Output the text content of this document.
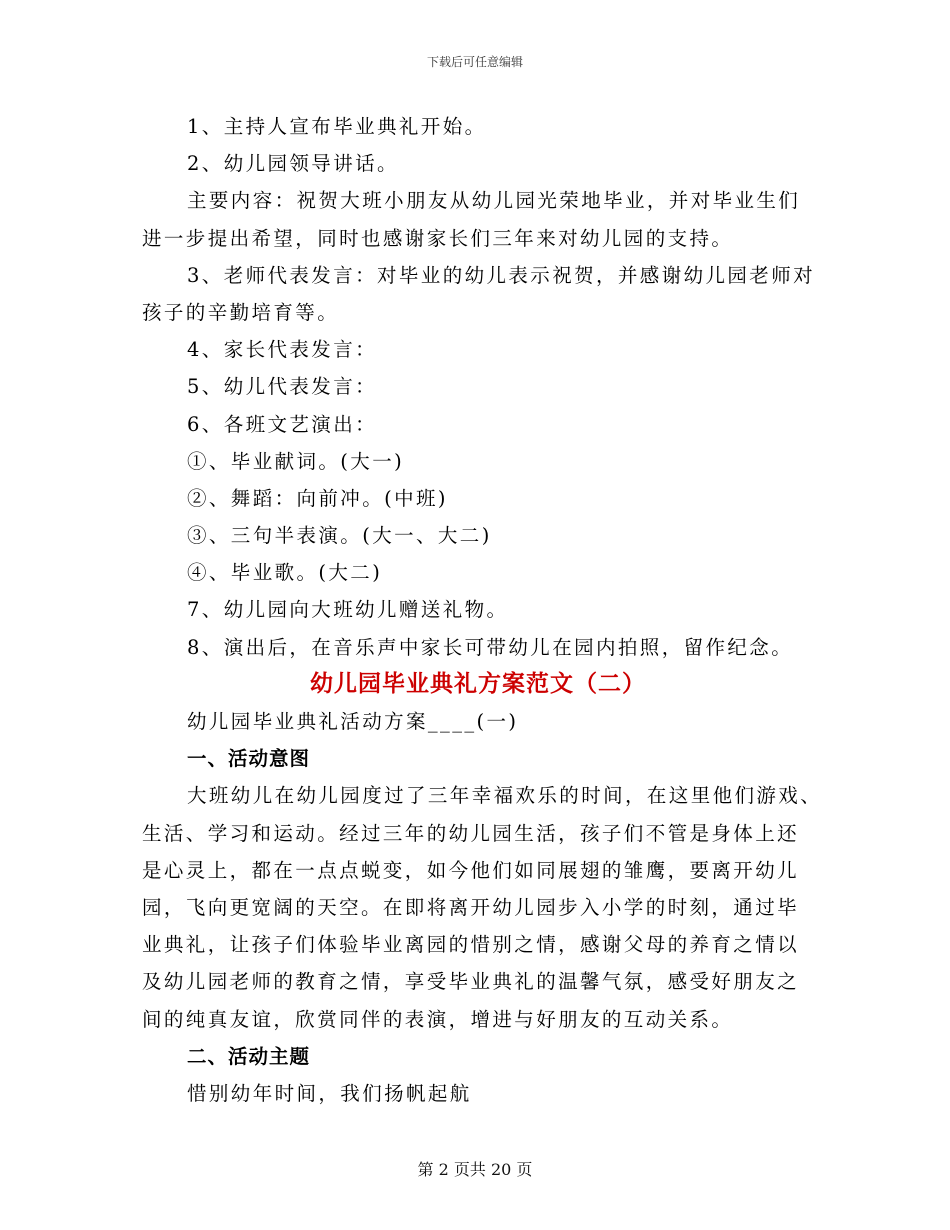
下载后可任意编辑
1、主持人宣布毕业典礼开始。
2、幼儿园领导讲话。
主要内容：祝贺大班小朋友从幼儿园光荣地毕业，并对毕业生们
进一步提出希望，同时也感谢家长们三年来对幼儿园的支持。
3、老师代表发言：对毕业的幼儿表示祝贺，并感谢幼儿园老师对
孩子的辛勤培育等。
4、家长代表发言：
5、幼儿代表发言：
6、各班文艺演出：
①、毕业献词。(大一)
②、舞蹈：向前冲。(中班)
③、三句半表演。(大一、大二)
④、毕业歌。(大二)
7、幼儿园向大班幼儿赠送礼物。
8、演出后，在音乐声中家长可带幼儿在园内拍照，留作纪念。
幼儿园毕业典礼方案范文（二）
幼儿园毕业典礼活动方案____(一)
一、活动意图
大班幼儿在幼儿园度过了三年幸福欢乐的时间，在这里他们游戏、
生活、学习和运动。经过三年的幼儿园生活，孩子们不管是身体上还
是心灵上，都在一点点蜕变，如今他们如同展翅的雏鹰，要离开幼儿
园，飞向更宽阔的天空。在即将离开幼儿园步入小学的时刻，通过毕
业典礼，让孩子们体验毕业离园的惜别之情，感谢父母的养育之情以
及幼儿园老师的教育之情，享受毕业典礼的温馨气氛，感受好朋友之
间的纯真友谊，欣赏同伴的表演，增进与好朋友的互动关系。
二、活动主题
惜别幼年时间，我们扬帆起航
第 2 页共 20 页
